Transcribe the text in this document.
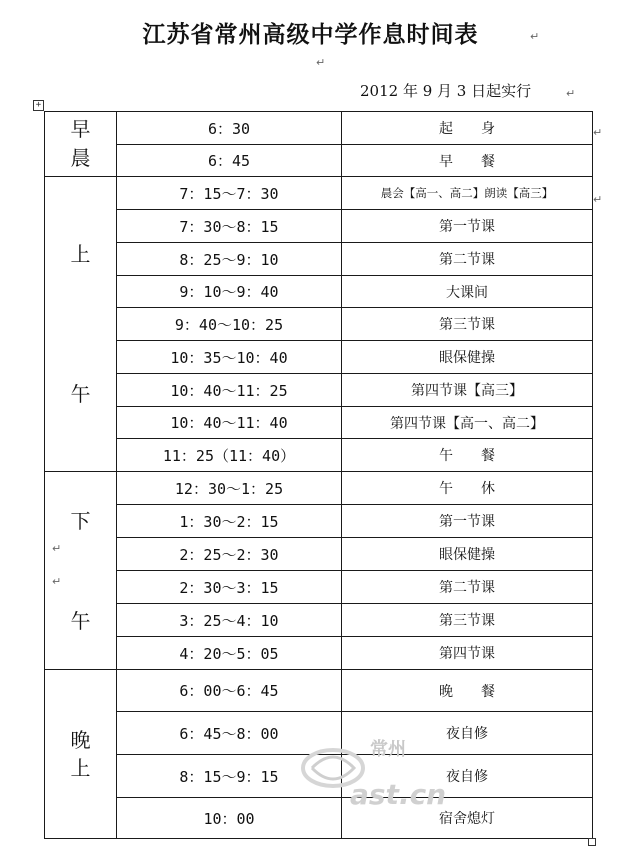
江苏省常州高级中学作息时间表	↵
↵
2012 年 9 月 3 日起实行	↵
+
早晨	6：30	起　　身
	6：45	早　　餐

上
午	7：15～7：30	晨会【高一、高二】朗读【高三】
	7：30～8：15	第一节课
	8：25～9：10	第二节课
	9：10～9：40	大课间
	9：40～10：25	第三节课
	10：35～10：40	眼保健操
	10：40～11：25	第四节课【高三】
	10：40～11：40	第四节课【高一、高二】
	11：25（11：40）	午　　餐

下
午	12：30～1：25	午　　休
	1：30～2：15	第一节课
	2：25～2：30	眼保健操
	2：30～3：15	第二节课
	3：25～4：10	第三节课
	4：20～5：05	第四节课
晚上	6：00～6：45	晚　　餐
	6：45～8：00	夜自修
	8：15～9：15	夜自修
	10：00	宿舍熄灯
↵
↵
↵
↵
常州
ast.cn
